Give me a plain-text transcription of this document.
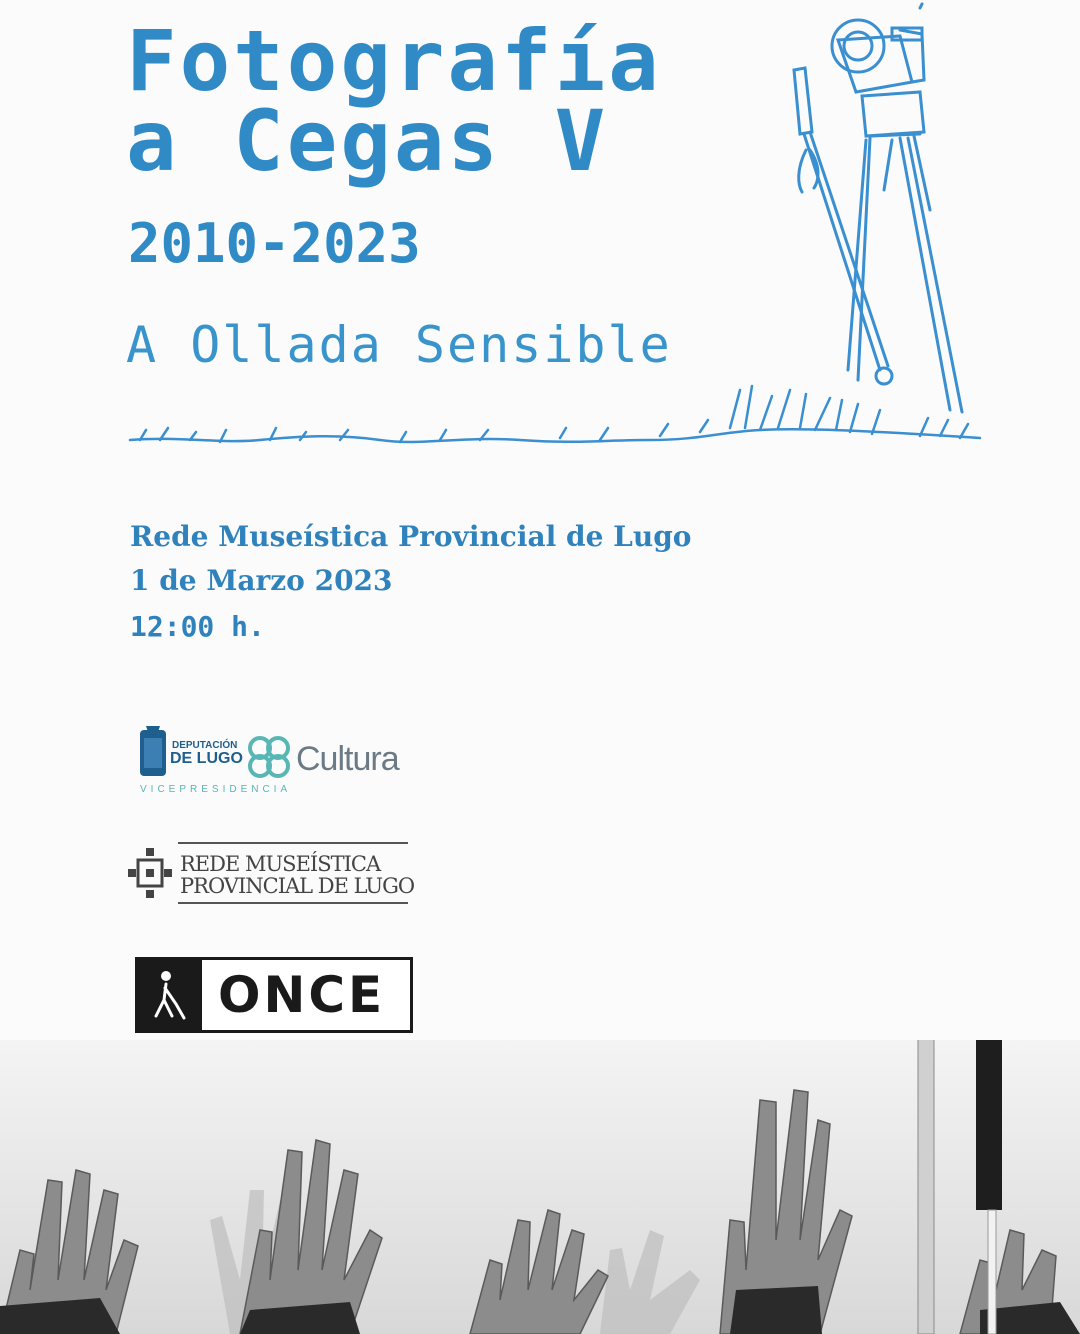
Fotografía
a Cegas V
2010-2023
A Ollada Sensible
Rede Museística Provincial de Lugo
1 de Marzo 2023
12:00 h.
DEPUTACIÓN
DE LUGO Cultura
VICEPRESIDENCIA
REDE MUSEÍSTICA
PROVINCIAL DE LUGO
ONCE
